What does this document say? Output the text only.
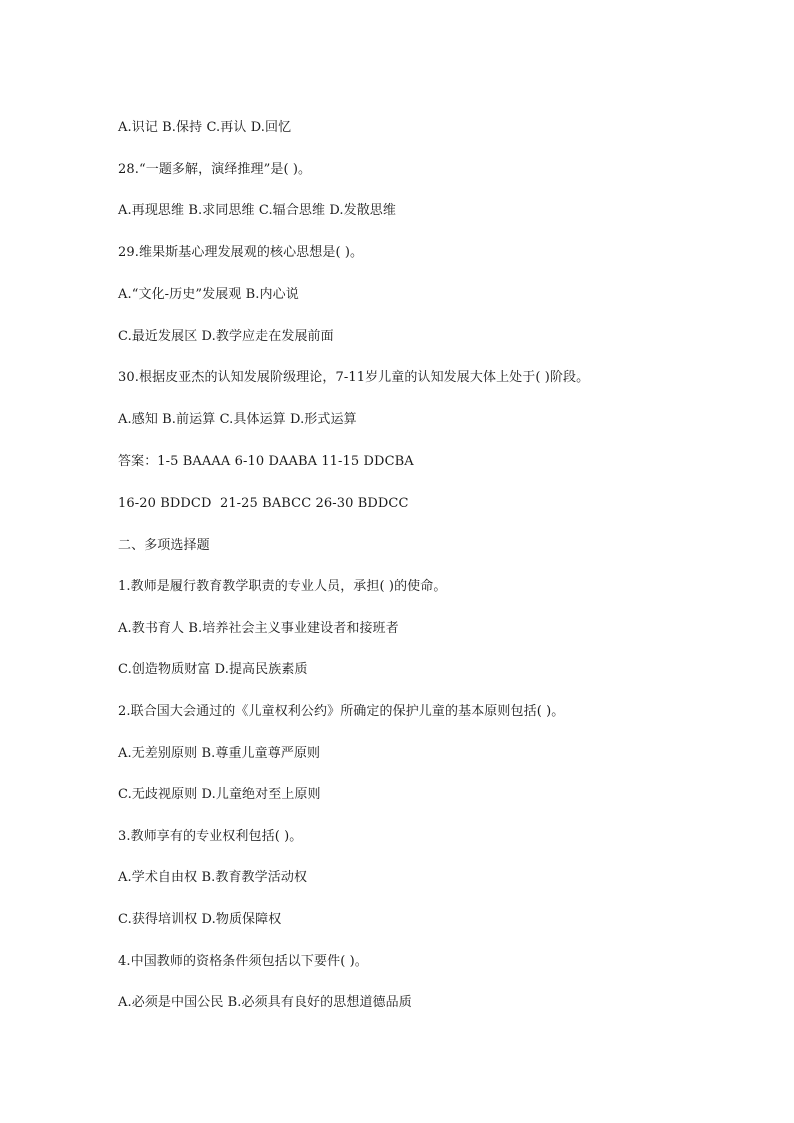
A.识记 B.保持 C.再认 D.回忆
28.“一题多解，演绎推理”是( )。
A.再现思维 B.求同思维 C.辐合思维 D.发散思维
29.维果斯基心理发展观的核心思想是( )。
A.“文化-历史”发展观 B.内心说
C.最近发展区 D.教学应走在发展前面
30.根据皮亚杰的认知发展阶级理论，7-11岁儿童的认知发展大体上处于( )阶段。
A.感知 B.前运算 C.具体运算 D.形式运算
答案：1-5 BAAAA 6-10 DAABA 11-15 DDCBA
16-20 BDDCD  21-25 BABCC 26-30 BDDCC
二、多项选择题
1.教师是履行教育教学职责的专业人员，承担( )的使命。
A.教书育人 B.培养社会主义事业建设者和接班者
C.创造物质财富 D.提高民族素质
2.联合国大会通过的《儿童权利公约》所确定的保护儿童的基本原则包括( )。
A.无差别原则 B.尊重儿童尊严原则
C.无歧视原则 D.儿童绝对至上原则
3.教师享有的专业权利包括( )。
A.学术自由权 B.教育教学活动权
C.获得培训权 D.物质保障权
4.中国教师的资格条件须包括以下要件( )。
A.必须是中国公民 B.必须具有良好的思想道德品质
